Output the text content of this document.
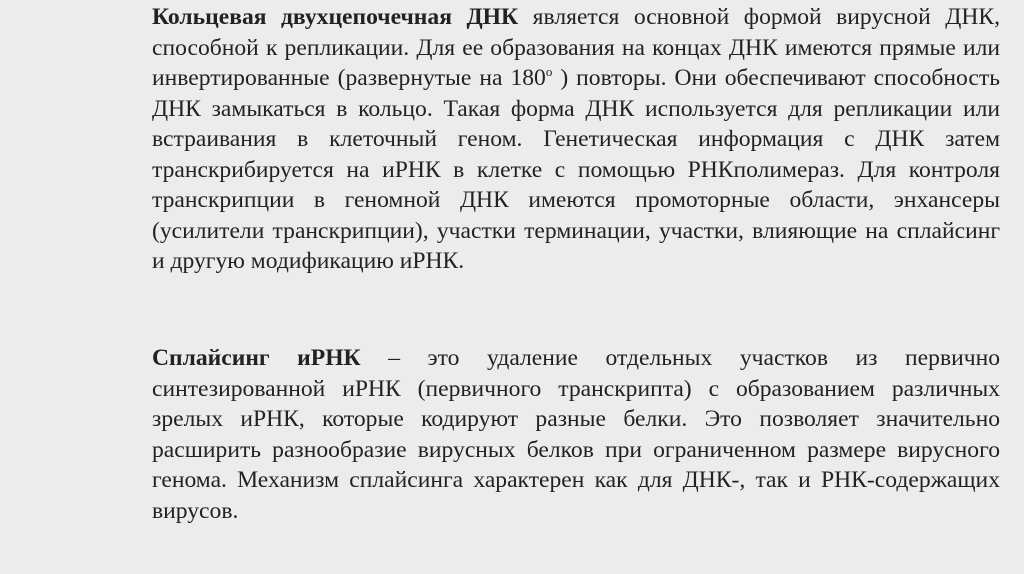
Кольцевая двухцепочечная ДНК является основной формой вирусной ДНК, способной к репликации. Для ее образования на концах ДНК имеются прямые или инвертированные (развернутые на $180^о$ ) повторы. Они обеспечивают способность ДНК замыкаться в кольцо. Такая форма ДНК используется для репликации или встраивания в клеточный геном. Генетическая информация с ДНК затем транскрибируется на иРНК в клетке с помощью РНКполимераз. Для контроля транскрипции в геномной ДНК имеются промоторные области, энхансеры (усилители транскрипции), участки терминации, участки, влияющие на сплайсинг и другую модификацию иРНК.

Сплайсинг иРНК – это удаление отдельных участков из первично синтезированной иРНК (первичного транскрипта) с образованием различных зрелых иРНК, которые кодируют разные белки. Это позволяет значительно расширить разнообразие вирусных белков при ограниченном размере вирусного генома. Механизм сплайсинга характерен как для ДНК-, так и РНК-содержащих вирусов.
